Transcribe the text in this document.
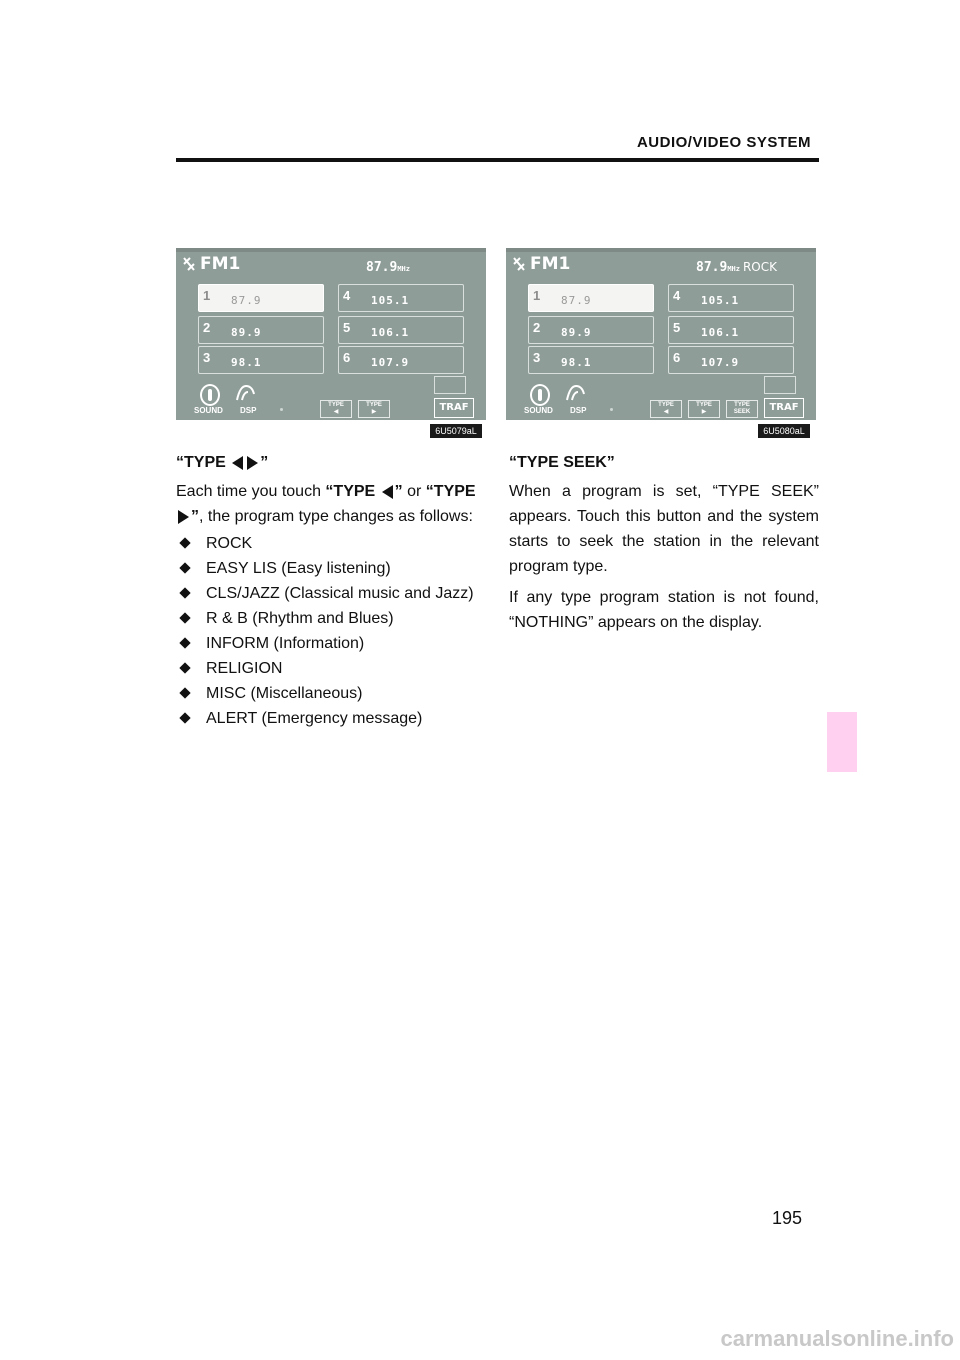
AUDIO/VIDEO SYSTEM
FM1	87.9MHz
1 87.9
2 89.9
3 98.1
4 105.1
5 106.1
6 107.9
SOUND DSP
TYPE
◀
TYPE
▶	TRAF
6U5079aL
FM1	87.9MHz ROCK
1 87.9
2 89.9
3 98.1
4 105.1
5 106.1
6 107.9
SOUND DSP
TYPE
◀
TYPE
▶
TYPE
SEEK	TRAF
6U5080aL
“TYPE ”

Each time you touch “TYPE ” or “TYPE
”, the program type changes as follows:

ROCK
EASY LIS (Easy listening)
CLS/JAZZ (Classical music and Jazz)
R & B (Rhythm and Blues)
INFORM (Information)
RELIGION
MISC (Miscellaneous)
ALERT (Emergency message)
“TYPE SEEK”

When a program is set, “TYPE SEEK” appears. Touch this button and the system starts to seek the station in the relevant program type.

If any type program station is not found, “NOTHING” appears on the display.

195
carmanualsonline.info
